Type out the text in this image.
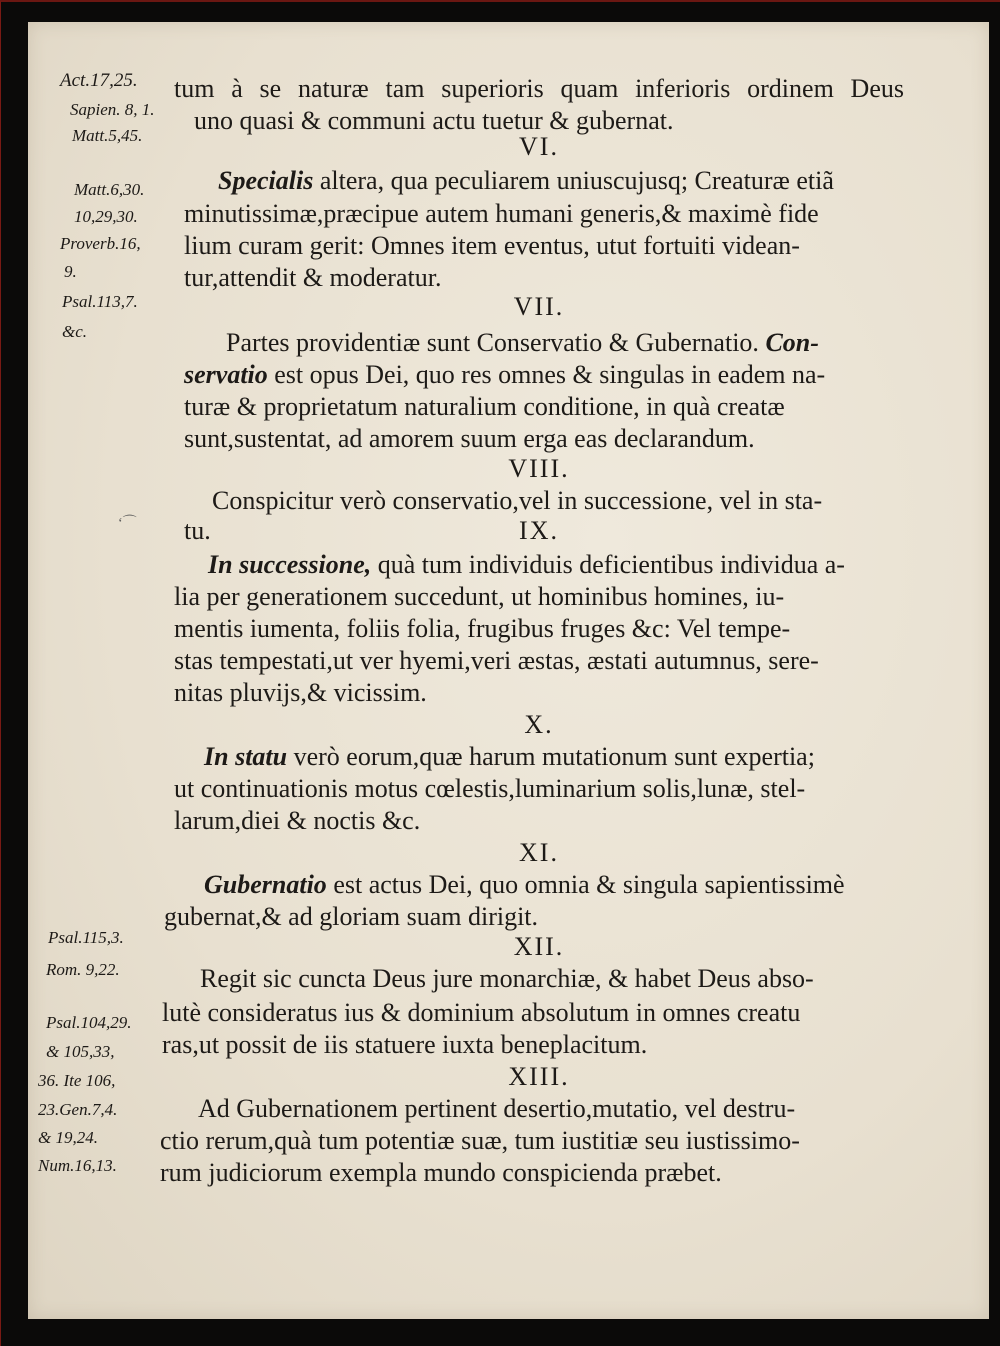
Act.17,25.
Sapien. 8, 1.
Matt.5,45.
Matt.6,30.
10,29,30.
Proverb.16,
9.
Psal.113,7.
&c.
‘⌒
Psal.115,3.
Rom. 9,22.
Psal.104,29.
& 105,33,
36. Ite 106,
23.Gen.7,4.
& 19,24.
Num.16,13.
tum à se naturæ tam superioris quam inferioris ordinem Deus
uno quasi & communi actu tuetur & gubernat.
VI.
Specialis altera, qua peculiarem uniuscujusq; Creaturæ etiã
minutissimæ,præcipue autem humani generis,& maximè fide
lium curam gerit: Omnes item eventus, utut fortuiti videan-
tur,attendit & moderatur.
VII.
Partes providentiæ sunt Conservatio & Gubernatio. Con-
servatio est opus Dei, quo res omnes & singulas in eadem na-
turæ & proprietatum naturalium conditione, in quà creatæ
sunt,sustentat, ad amorem suum erga eas declarandum.
VIII.
Conspicitur verò conservatio,vel in successione, vel in sta-
tu.	IX.
In successione, quà tum individuis deficientibus individua a-
lia per generationem succedunt, ut hominibus homines, iu-
mentis iumenta, foliis folia, frugibus fruges &c: Vel tempe-
stas tempestati,ut ver hyemi,veri æstas, æstati autumnus, sere-
nitas pluvijs,& vicissim.
X.
In statu verò eorum,quæ harum mutationum sunt expertia;
ut continuationis motus cœlestis,luminarium solis,lunæ, stel-
larum,diei & noctis &c.
XI.
Gubernatio est actus Dei, quo omnia & singula sapientissimè
gubernat,& ad gloriam suam dirigit.
XII.
Regit sic cuncta Deus jure monarchiæ, & habet Deus abso-
lutè consideratus ius & dominium absolutum in omnes creatu
ras,ut possit de iis statuere iuxta beneplacitum.
XIII.
Ad Gubernationem pertinent desertio,mutatio, vel destru-
ctio rerum,quà tum potentiæ suæ, tum iustitiæ seu iustissimo-
rum judiciorum exempla mundo conspicienda præbet.
